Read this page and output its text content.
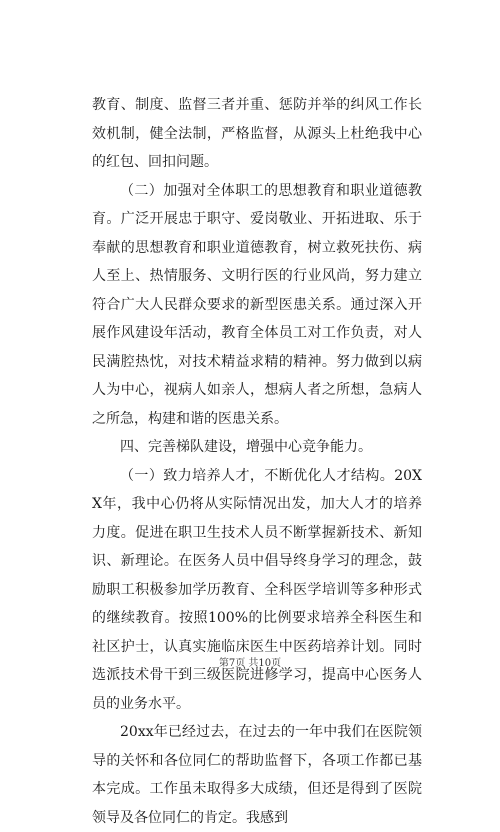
教育、制度、监督三者并重、惩防并举的纠风工作长效机制，健全法制，严格监督，从源头上杜绝我中心的红包、回扣问题。

（二）加强对全体职工的思想教育和职业道德教育。广泛开展忠于职守、爱岗敬业、开拓进取、乐于奉献的思想教育和职业道德教育，树立救死扶伤、病人至上、热情服务、文明行医的行业风尚，努力建立符合广大人民群众要求的新型医患关系。通过深入开展作风建设年活动，教育全体员工对工作负责，对人民满腔热忱，对技术精益求精的精神。努力做到以病人为中心，视病人如亲人，想病人者之所想，急病人之所急，构建和谐的医患关系。

四、完善梯队建设，增强中心竞争能力。

（一）致力培养人才，不断优化人才结构。20XX年，我中心仍将从实际情况出发，加大人才的培养力度。促进在职卫生技术人员不断掌握新技术、新知识、新理论。在医务人员中倡导终身学习的理念，鼓励职工积极参加学历教育、全科医学培训等多种形式的继续教育。按照100%的比例要求培养全科医生和社区护士，认真实施临床医生中医药培养计划。同时选派技术骨干到三级医院进修学习，提高中心医务人员的业务水平。

20xx年已经过去，在过去的一年中我们在医院领导的关怀和各位同仁的帮助监督下，各项工作都已基本完成。工作虽未取得多大成绩，但还是得到了医院领导及各位同仁的肯定。我感到

第7页 共10页
